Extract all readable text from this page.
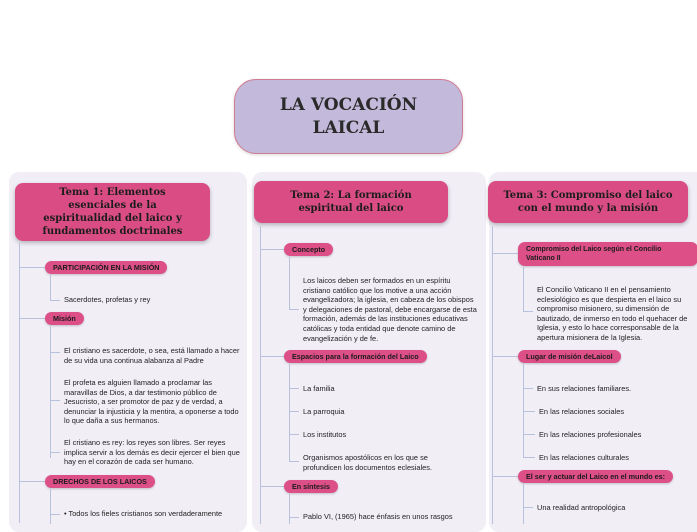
LA VOCACIÓN LAICAL
Tema 1: Elementos esenciales de la espiritualidad del laico y fundamentos doctrinales
PARTICIPACIÓN EN LA MISIÓN
Sacerdotes, profetas y rey
Misión
El cristiano es sacerdote, o sea, está llamado a hacer de su vida una continua alabanza al Padre
El profeta es alguien llamado a proclamar las maravillas de Dios, a dar testimonio público de Jesucristo, a ser promotor de paz y de verdad, a denunciar la injusticia y la mentira, a oponerse a todo lo que daña a sus hermanos.
El cristiano es rey: los reyes son libres. Ser reyes implica servir a los demás es decir ejercer el bien que hay en el corazón de cada ser humano.
DRECHOS DE LOS LAICOS
• Todos los fieles cristianos son verdaderamente
Tema 2: La formación espiritual del laico
Concepto
Los laicos deben ser formados en un espíritu cristiano católico que los motive a una acción evangelizadora; la iglesia, en cabeza de los obispos y delegaciones de pastoral, debe encargarse de esta formación, además de las instituciones educativas católicas y toda entidad que denote camino de evangelización y de fe.
Espacios para la formación del Laico
La familia
La parroquia
Los institutos
Organismos apostólicos en los que se profundicen los documentos eclesiales.
En síntesis
Pablo VI, (1965) hace énfasis en unos rasgos
Tema 3: Compromiso del laico con el mundo y la misión
Compromiso del Laico según el Concilio Vaticano II
El Concilio Vaticano II en el pensamiento eclesiológico es que despierta en el laico su compromiso misionero, su dimensión de bautizado, de inmerso en todo el quehacer de Iglesia, y esto lo hace corresponsable de la apertura misionera de la Iglesia.
Lugar de misión deLaicol
En sus relaciones familiares.
En las relaciones sociales
En las relaciones profesionales
En las relaciones culturales
El ser y actuar del Laico en el mundo es:
Una realidad antropológica
